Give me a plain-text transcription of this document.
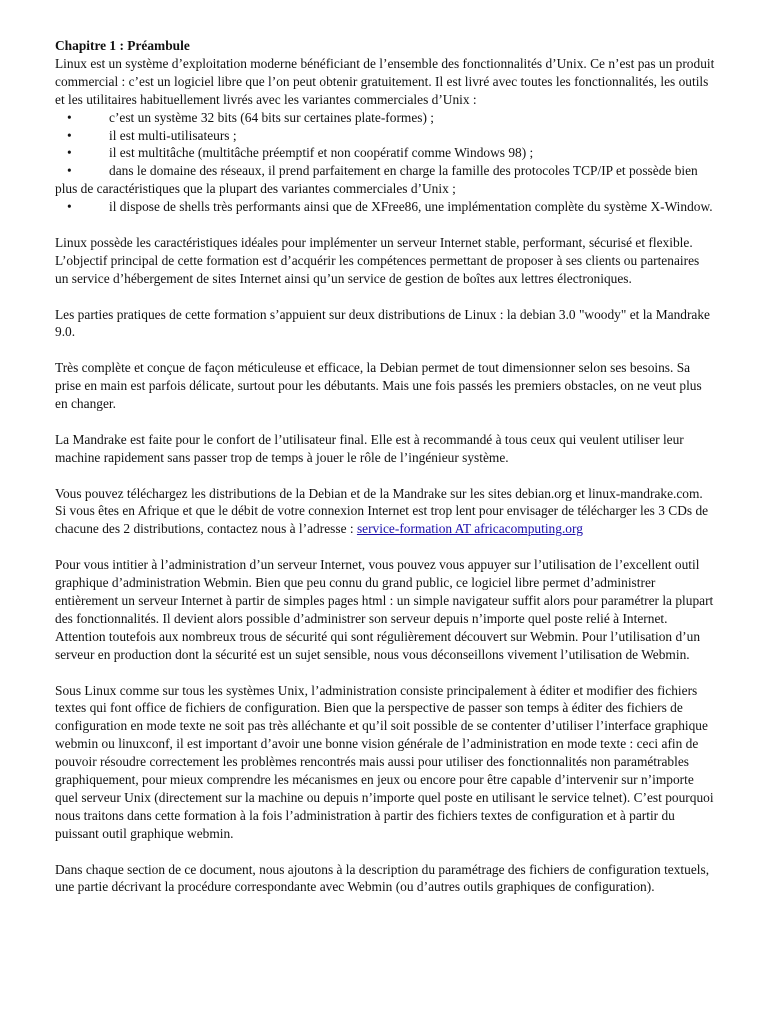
Chapitre 1 : Préambule

Linux est un système d’exploitation moderne bénéficiant de l’ensemble des fonctionnalités d’Unix. Ce n’est pas un produit commercial : c’est un logiciel libre que l’on peut obtenir gratuitement. Il est livré avec toutes les fonctionnalités, les outils et les utilitaires habituellement livrés avec les variantes commerciales d’Unix :

•	c’est un système 32 bits (64 bits sur certaines plate-formes) ;
•	il est multi-utilisateurs ;
•	il est multitâche (multitâche préemptif et non coopératif comme Windows 98) ;
•	dans le domaine des réseaux, il prend parfaitement en charge la famille des protocoles TCP/IP et possède bien plus de caractéristiques que la plupart des variantes commerciales d’Unix ;
•	il dispose de shells très performants ainsi que de XFree86, une implémentation complète du système X-Window.

Linux possède les caractéristiques idéales pour implémenter un serveur Internet stable, performant, sécurisé et flexible. L’objectif principal de cette formation est d’acquérir les compétences permettant de proposer à ses clients ou partenaires un service d’hébergement de sites Internet ainsi qu’un service de gestion de boîtes aux lettres électroniques.

Les parties pratiques de cette formation s’appuient sur deux distributions de Linux : la debian 3.0 "woody" et la Mandrake 9.0.

Très complète et conçue de façon méticuleuse et efficace, la Debian permet de tout dimensionner selon ses besoins. Sa prise en main est parfois délicate, surtout pour les débutants. Mais une fois passés les premiers obstacles, on ne veut plus en changer.

La Mandrake est faite pour le confort de l’utilisateur final. Elle est à recommandé à tous ceux qui veulent utiliser leur machine rapidement sans passer trop de temps à jouer le rôle de l’ingénieur système.

Vous pouvez téléchargez les distributions de la Debian et de la Mandrake sur les sites debian.org et linux-mandrake.com. Si vous êtes en Afrique et que le débit de votre connexion Internet est trop lent pour envisager de télécharger les 3 CDs de chacune des 2 distributions, contactez nous à l’adresse : service-formation AT africacomputing.org

Pour vous intitier à l’administration d’un serveur Internet, vous pouvez vous appuyer sur l’utilisation de l’excellent outil graphique d’administration Webmin. Bien que peu connu du grand public, ce logiciel libre permet d’administrer entièrement un serveur Internet à partir de simples pages html : un simple navigateur suffit alors pour paramétrer la plupart des fonctionnalités. Il devient alors possible d’administrer son serveur depuis n’importe quel poste relié à Internet. Attention toutefois aux nombreux trous de sécurité qui sont régulièrement découvert sur Webmin. Pour l’utilisation d’un serveur en production dont la sécurité est un sujet sensible, nous vous déconseillons vivement l’utilisation de Webmin.

Sous Linux comme sur tous les systèmes Unix, l’administration consiste principalement à éditer et modifier des fichiers textes qui font office de fichiers de configuration. Bien que la perspective de passer son temps à éditer des fichiers de configuration en mode texte ne soit pas très alléchante et qu’il soit possible de se contenter d’utiliser l’interface graphique webmin ou linuxconf, il est important d’avoir une bonne vision générale de l’administration en mode texte : ceci afin de pouvoir résoudre correctement les problèmes rencontrés mais aussi pour utiliser des fonctionnalités non paramétrables graphiquement, pour mieux comprendre les mécanismes en jeux ou encore pour être capable d’intervenir sur n’importe quel serveur Unix (directement sur la machine ou depuis n’importe quel poste en utilisant le service telnet). C’est pourquoi nous traitons dans cette formation à la fois l’administration à partir des fichiers textes de configuration et à partir du puissant outil graphique webmin.

Dans chaque section de ce document, nous ajoutons à la description du paramétrage des fichiers de configuration textuels, une partie décrivant la procédure correspondante avec Webmin (ou d’autres outils graphiques de configuration).
